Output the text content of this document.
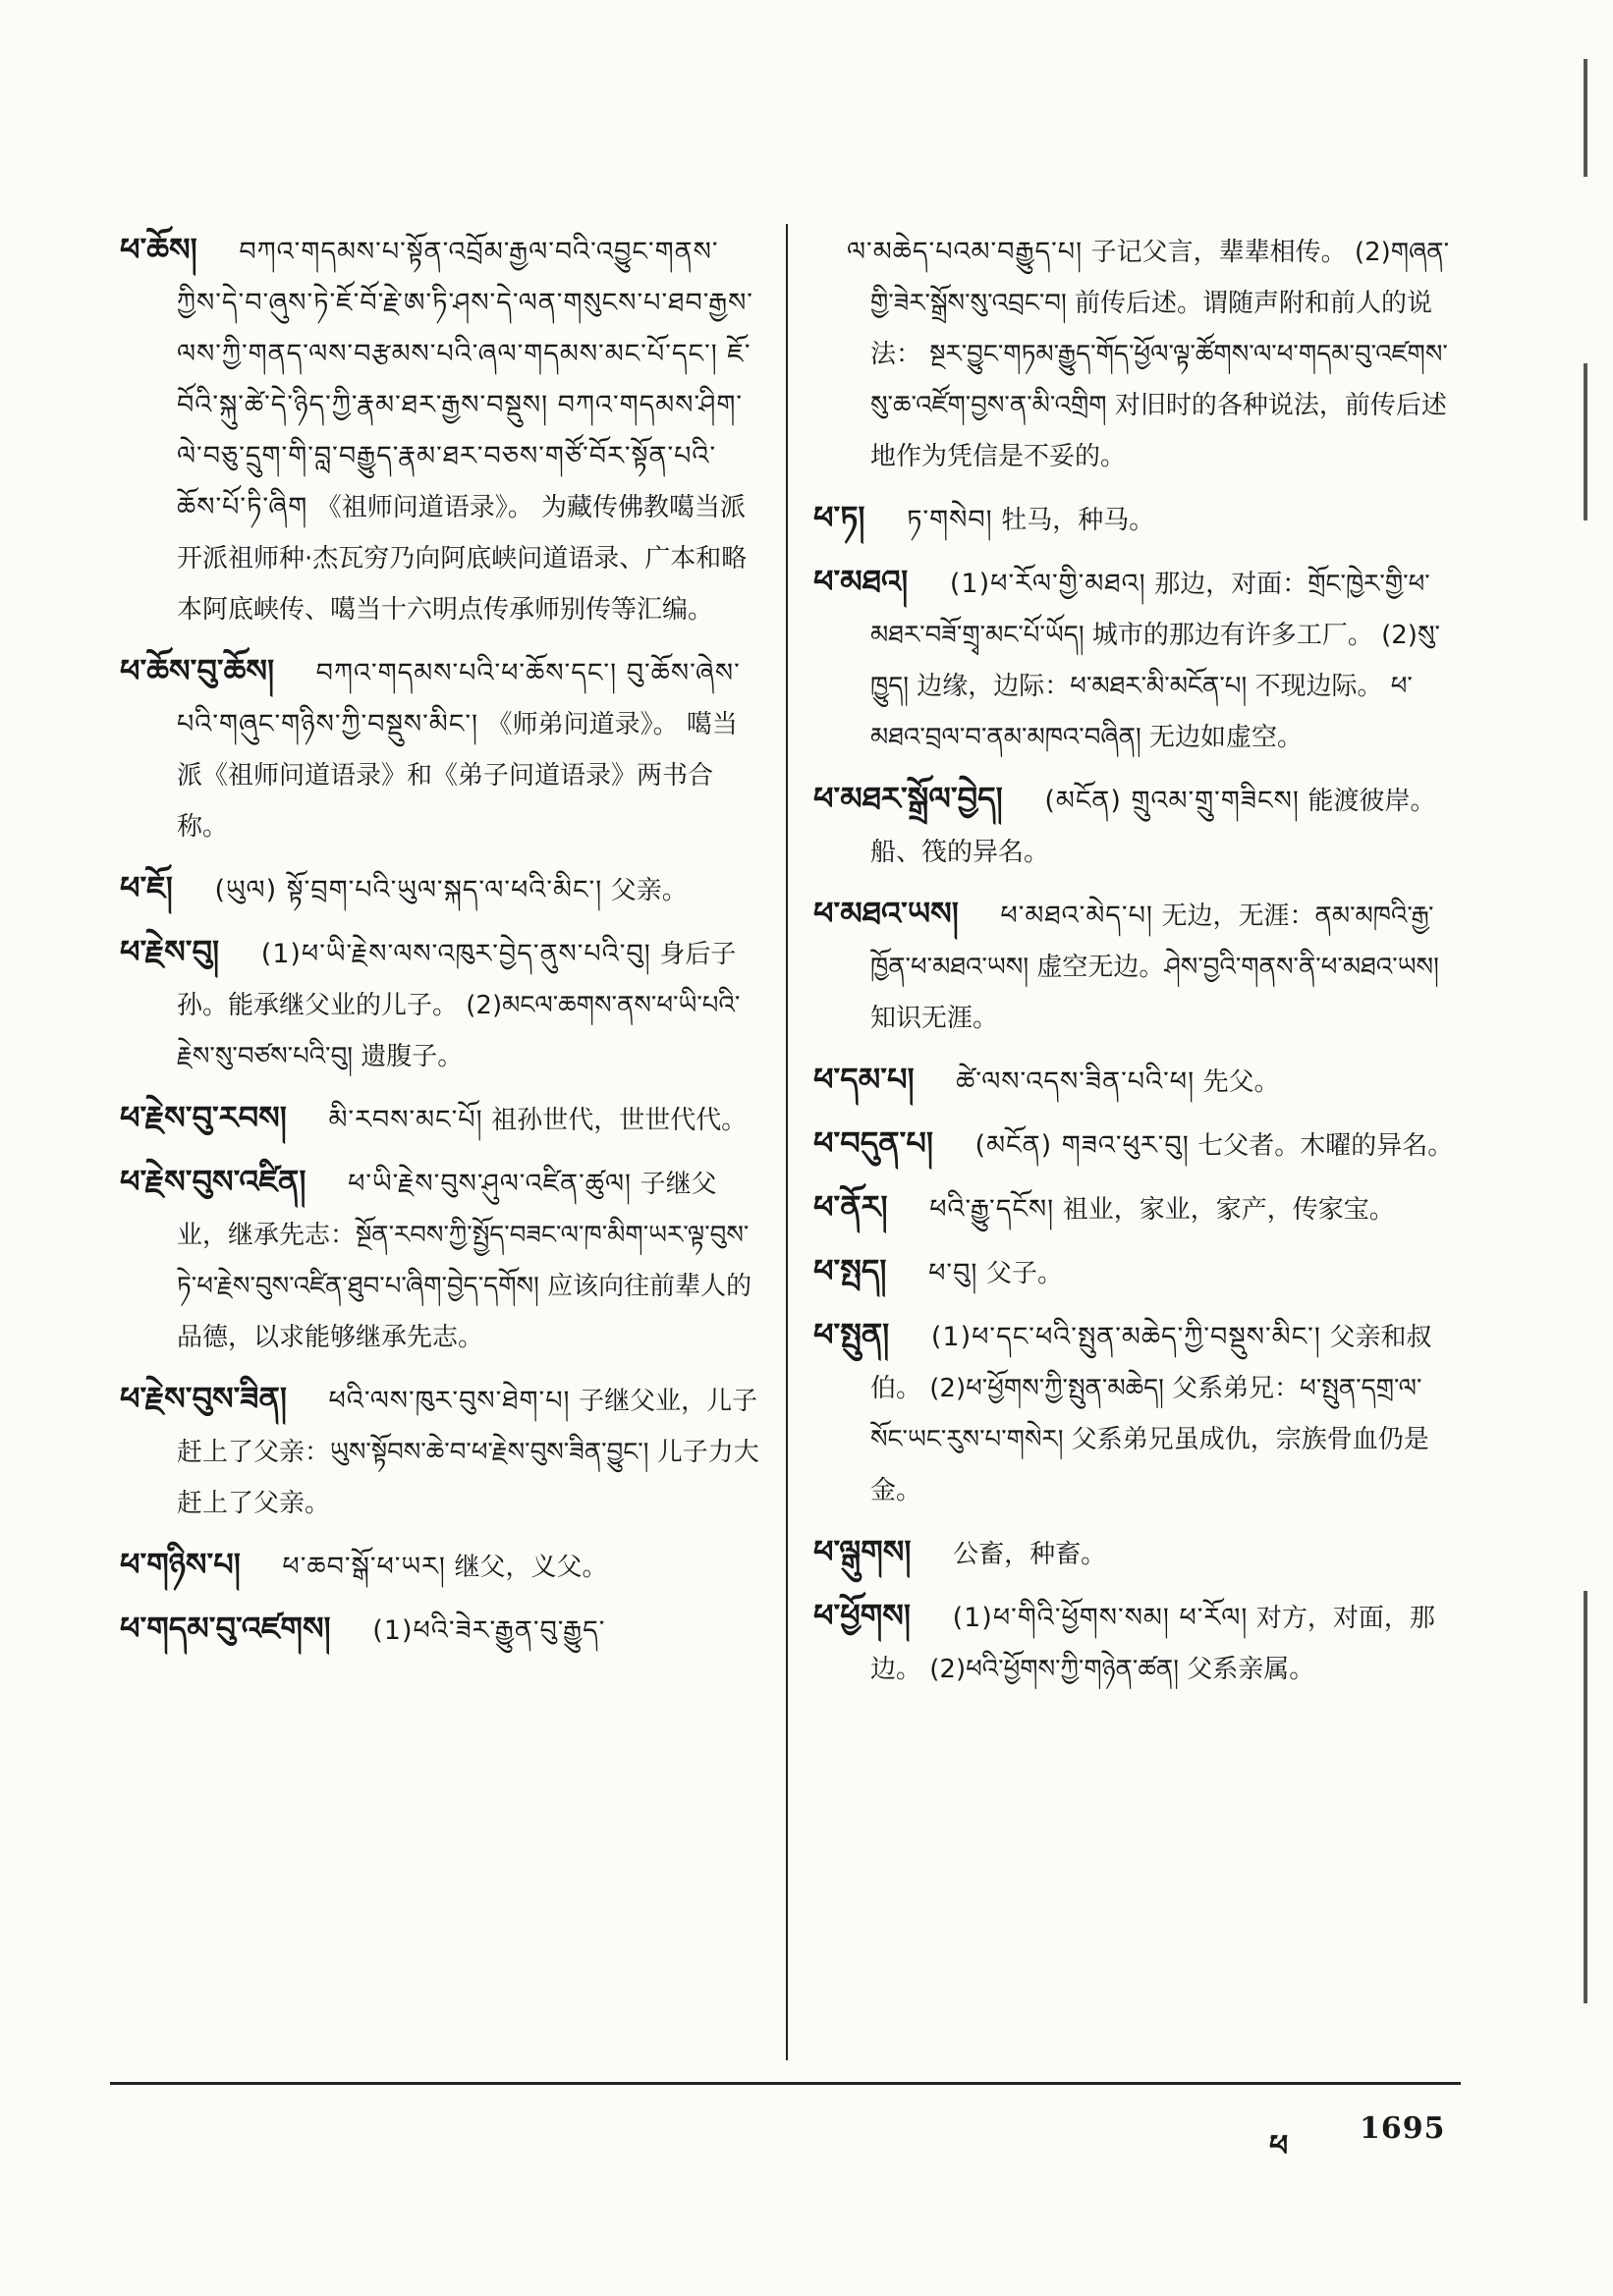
ཕ་ཆོས། བཀའ་གདམས་པ་སྟོན་འབྲོམ་རྒྱལ་བའི་འབྱུང་གནས་ཀྱིས་དེ་བ་ཞུས་ཏེ་ཇོ་བོ་རྗེ་ཨ་ཏི་ཤས་དེ་ལན་གསུངས་པ་ཐབ་རྒྱས་ལས་ཀྱི་གནད་ལས་བརྩམས་པའི་ཞལ་གདམས་མང་པོ་དང་། ཇོ་བོའི་སྐུ་ཚེ་དེ་ཉིད་ཀྱི་རྣམ་ཐར་རྒྱས་བསྡུས། བཀའ་གདམས་ཤིག་ལེ་བཅུ་དྲུག་གི་བླ་བརྒྱུད་རྣམ་ཐར་བཅས་གཙོ་བོར་སྟོན་པའི་ཆོས་པོ་ཏི་ཞིག 《祖师问道语录》。 为藏传佛教噶当派开派祖师种·杰瓦穷乃向阿底峡问道语录、广本和略本阿底峡传、噶当十六明点传承师别传等汇编。
ཕ་ཆོས་བུ་ཆོས། བཀའ་གདམས་པའི་ཕ་ཆོས་དང་། བུ་ཆོས་ཞེས་པའི་གཞུང་གཉིས་ཀྱི་བསྡུས་མིང་། 《师弟问道录》。 噶当派《祖师问道语录》和《弟子问道语录》两书合称。
ཕ་ཇོ། (ཡུལ) སྟོ་བྲག་པའི་ཡུལ་སྐད་ལ་ཕའི་མིང་། 父亲。
ཕ་རྗེས་བུ། (1)ཕ་ཡི་རྗེས་ལས་འཁུར་བྱེད་ནུས་པའི་བུ། 身后子孙。能承继父业的儿子。 (2)མངལ་ཆགས་ནས་ཕ་ཡི་པའི་རྗེས་སུ་བཙས་པའི་བུ། 遗腹子。
ཕ་རྗེས་བུ་རབས། མི་རབས་མང་པོ། 祖孙世代，世世代代。
ཕ་རྗེས་བུས་འཛིན། ཕ་ཡི་རྗེས་བུས་ཤུལ་འཛིན་ཚུལ། 子继父业，继承先志：སྔོན་རབས་ཀྱི་སྤྱོད་བཟང་ལ་ཁ་མིག་ཡར་ལྟ་བུས་ཏེ་ཕ་རྗེས་བུས་འཛིན་ཐུབ་པ་ཞིག་བྱེད་དགོས། 应该向往前辈人的品德，以求能够继承先志。
ཕ་རྗེས་བུས་ཟིན། ཕའི་ལས་ཁུར་བུས་ཐེག་པ། 子继父业，儿子赶上了父亲：ཡུས་སྟོབས་ཆེ་བ་ཕ་རྗེས་བུས་ཟིན་བྱུང་། 儿子力大赶上了父亲。
ཕ་གཉིས་པ། ཕ་ཆབ་སྒོ་ཕ་ཡར། 继父，义父。
ཕ་གདམ་བུ་འཛགས། (1)ཕའི་ཟེར་རྒྱུན་བུ་རྒྱུད་
ལ་མཆེད་པའམ་བརྒྱུད་པ། 子记父言，辈辈相传。 (2)གཞན་གྱི་ཟེར་སྒྲོས་སུ་འབྲང་བ། 前传后述。谓随声附和前人的说法： སྔར་བྱུང་གཏམ་རྒྱུད་གོད་ཕྱོལ་ལྟ་ཚོགས་ལ་ཕ་གདམ་བུ་འཛགས་སུ་ཆ་འཛོག་བྱས་ན་མི་འགྲིག 对旧时的各种说法，前传后述地作为凭信是不妥的。
ཕ་ཏ། ཏ་གསེབ། 牡马，种马。
ཕ་མཐའ། (1)ཕ་རོལ་གྱི་མཐའ། 那边，对面：གྲོང་ཁྱེར་གྱི་ཕ་མཐར་བཟོ་གྲྭ་མང་པོ་ཡོད། 城市的那边有许多工厂。 (2)སུ་ཁྱུད། 边缘，边际：ཕ་མཐར་མི་མངོན་པ། 不现边际。 ཕ་མཐའ་བྲལ་བ་ནམ་མཁའ་བཞིན། 无边如虚空。
ཕ་མཐར་སྒྲོལ་བྱེད། (མངོན) གྲུའམ་གྲུ་གཟིངས། 能渡彼岸。船、筏的异名。
ཕ་མཐའ་ཡས། ཕ་མཐའ་མེད་པ། 无边，无涯：ནམ་མཁའི་རྒྱ་ཁྱོན་ཕ་མཐའ་ཡས། 虚空无边。ཤེས་བྱའི་གནས་ནི་ཕ་མཐའ་ཡས། 知识无涯。
ཕ་དམ་པ། ཚེ་ལས་འདས་ཟིན་པའི་ཕ། 先父。
ཕ་བདུན་པ། (མངོན) གཟའ་ཕུར་བུ། 七父者。木曜的异名。
ཕ་ནོར། ཕའི་རྒྱུ་དངོས། 祖业，家业，家产，传家宝。
ཕ་སྤད། ཕ་བུ། 父子。
ཕ་སྤུན། (1)ཕ་དང་ཕའི་སྤུན་མཆེད་ཀྱི་བསྡུས་མིང་། 父亲和叔伯。 (2)ཕ་ཕྱོགས་ཀྱི་སྤུན་མཆེད། 父系弟兄：ཕ་སྤུན་དགྲ་ལ་སོང་ཡང་རུས་པ་གསེར། 父系弟兄虽成仇，宗族骨血仍是金。
ཕ་ལྒུགས། 公畜，种畜。
ཕ་ཕྱོགས། (1)ཕ་གིའི་ཕྱོགས་སམ། ཕ་རོལ། 对方，对面，那边。 (2)ཕའི་ཕྱོགས་ཀྱི་གཉེན་ཚན། 父系亲属。
ཕ
1695
